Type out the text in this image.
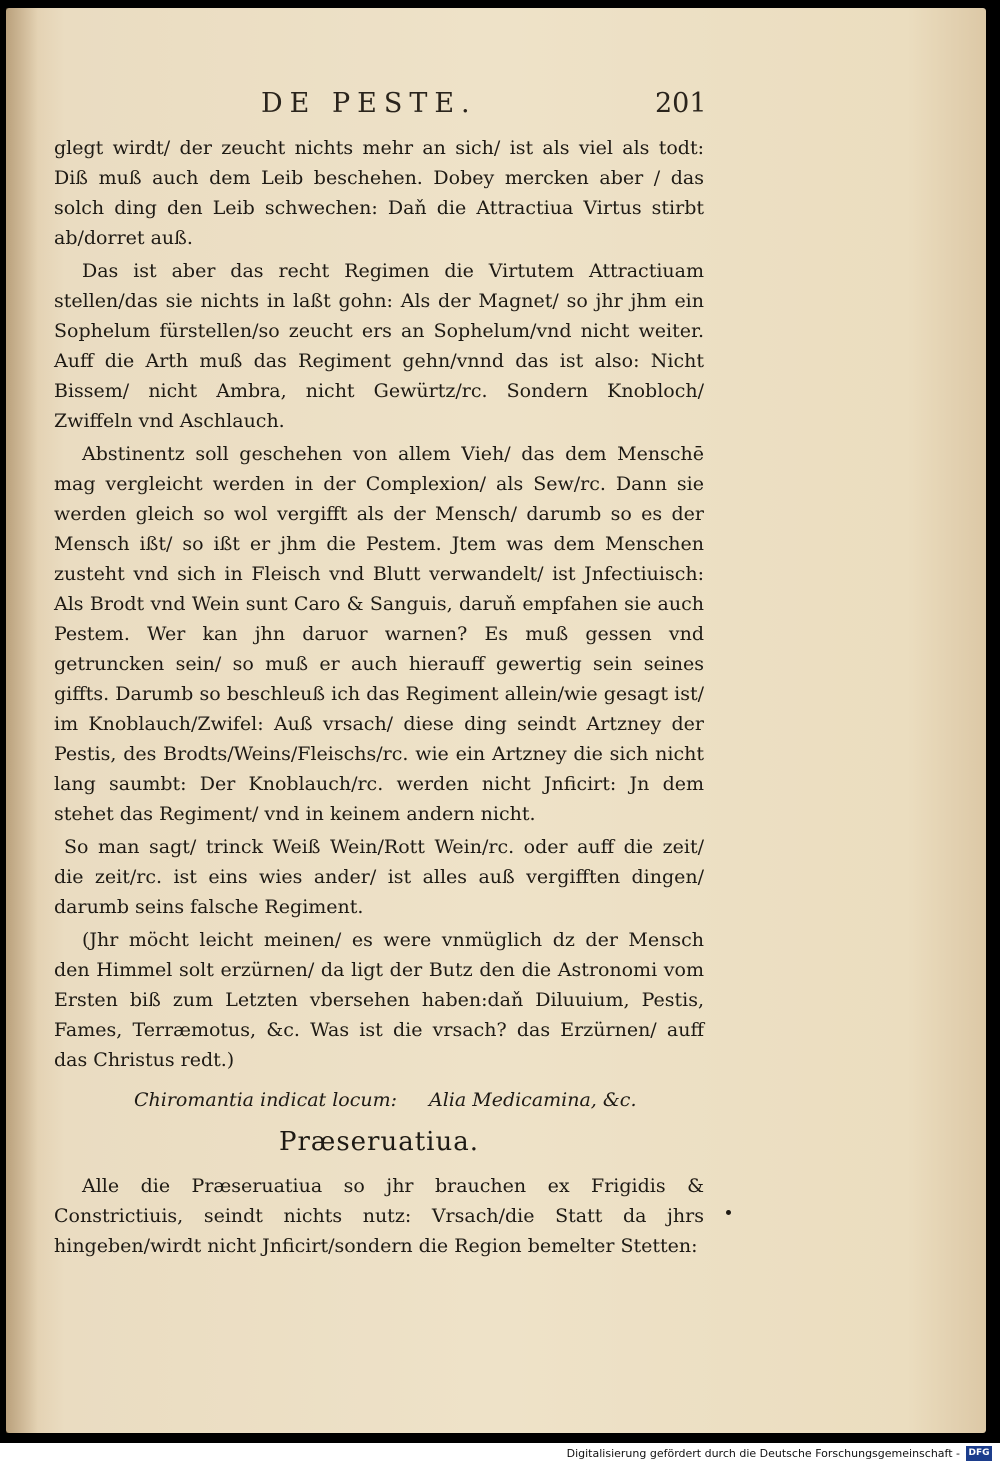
DE PESTE.	201

glegt wirdt/ der zeucht nichts mehr an sich/ ist als viel als todt: Diß muß auch dem Leib beschehen. Dobey mercken aber / das solch ding den Leib schwechen: Daň die Attractiua Virtus stirbt ab/dorret auß.

Das ist aber das recht Regimen die Virtutem Attractiuam stellen/das sie nichts in laßt gohn: Als der Magnet/ so jhr jhm ein Sophelum fürstellen/so zeucht ers an Sophelum/vnd nicht weiter. Auff die Arth muß das Regiment gehn/vnnd das ist also: Nicht Bissem/ nicht Ambra, nicht Gewürtz/rc. Sondern Knobloch/ Zwiffeln vnd Aschlauch.

Abstinentz soll geschehen von allem Vieh/ das dem Menschē mag vergleicht werden in der Complexion/ als Sew/rc. Dann sie werden gleich so wol vergifft als der Mensch/ darumb so es der Mensch ißt/ so ißt er jhm die Pestem. Jtem was dem Menschen zusteht vnd sich in Fleisch vnd Blutt verwandelt/ ist Jnfectiuisch: Als Brodt vnd Wein sunt Caro & Sanguis, daruň empfahen sie auch Pestem. Wer kan jhn daruor warnen? Es muß gessen vnd getruncken sein/ so muß er auch hierauff gewertig sein seines giffts. Darumb so beschleuß ich das Regiment allein/wie gesagt ist/ im Knoblauch/Zwifel: Auß vrsach/ diese ding seindt Artzney der Pestis, des Brodts/Weins/Fleischs/rc. wie ein Artzney die sich nicht lang saumbt: Der Knoblauch/rc. werden nicht Jnficirt: Jn dem stehet das Regiment/ vnd in keinem andern nicht.

So man sagt/ trinck Weiß Wein/Rott Wein/rc. oder auff die zeit/ die zeit/rc. ist eins wies ander/ ist alles auß vergifften dingen/ darumb seins falsche Regiment.

(Jhr möcht leicht meinen/ es were vnmüglich dz der Mensch den Himmel solt erzürnen/ da ligt der Butz den die Astronomi vom Ersten biß zum Letzten vbersehen haben:daň Diluuium, Pestis, Fames, Terræmotus, &c. Was ist die vrsach? das Erzürnen/ auff das Christus redt.)

Chiromantia indicat locum: Alia Medicamina, &c.
Præseruatiua.

Alle die Præseruatiua so jhr brauchen ex Frigidis & Constrictiuis, seindt nichts nutz: Vrsach/die Statt da jhrs hingeben/wirdt nicht Jnficirt/sondern die Region bemelter Stetten:

Digitalisierung gefördert durch die Deutsche Forschungsgemeinschaft - DFG
